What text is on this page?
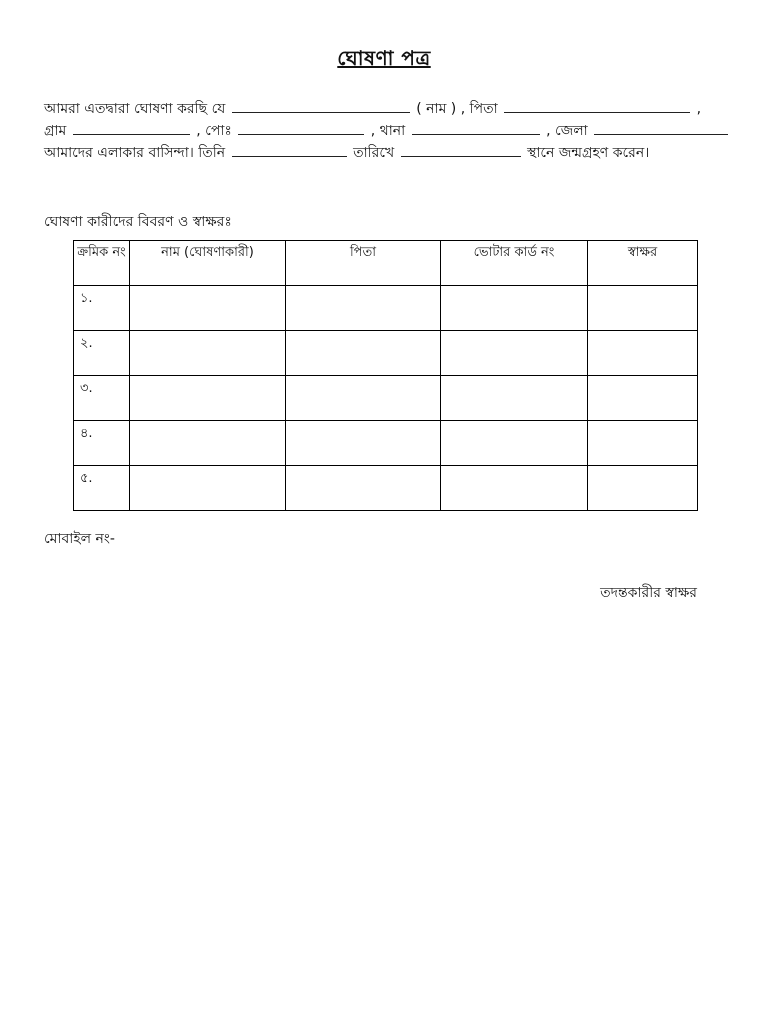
ঘোষণা পত্র
আমরা এতদ্বারা ঘোষণা করছি যে	( নাম ) , পিতা	,
গ্রাম	, পোঃ	, থানা	, জেলা
আমাদের এলাকার বাসিন্দা। তিনি	তারিখে	স্থানে জন্মগ্রহণ করেন।
ঘোষণা কারীদের বিবরণ ও স্বাক্ষরঃ
ক্রমিক নং	নাম (ঘোষণাকারী)	পিতা	ভোটার কার্ড নং	স্বাক্ষর
১.				
২.				
৩.				
৪.				
৫.				
মোবাইল নং-
তদন্তকারীর স্বাক্ষর
